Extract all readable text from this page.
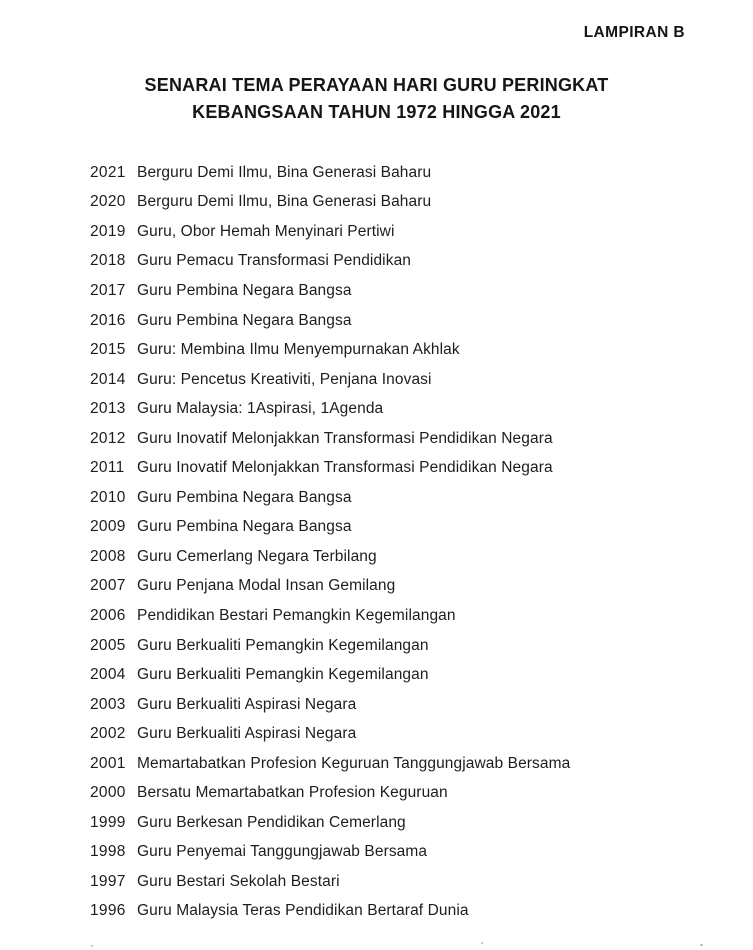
LAMPIRAN B
SENARAI TEMA PERAYAAN HARI GURU PERINGKAT
KEBANGSAAN TAHUN 1972 HINGGA 2021
2021 Berguru Demi Ilmu, Bina Generasi Baharu
2020 Berguru Demi Ilmu, Bina Generasi Baharu
2019 Guru, Obor Hemah Menyinari Pertiwi
2018 Guru Pemacu Transformasi Pendidikan
2017 Guru Pembina Negara Bangsa
2016 Guru Pembina Negara Bangsa
2015 Guru: Membina Ilmu Menyempurnakan Akhlak
2014 Guru: Pencetus Kreativiti, Penjana Inovasi
2013 Guru Malaysia: 1Aspirasi, 1Agenda
2012 Guru Inovatif Melonjakkan Transformasi Pendidikan Negara
2011 Guru Inovatif Melonjakkan Transformasi Pendidikan Negara
2010 Guru Pembina Negara Bangsa
2009 Guru Pembina Negara Bangsa
2008 Guru Cemerlang Negara Terbilang
2007 Guru Penjana Modal Insan Gemilang
2006 Pendidikan Bestari Pemangkin Kegemilangan
2005 Guru Berkualiti Pemangkin Kegemilangan
2004 Guru Berkualiti Pemangkin Kegemilangan
2003 Guru Berkualiti Aspirasi Negara
2002 Guru Berkualiti Aspirasi Negara
2001 Memartabatkan Profesion Keguruan Tanggungjawab Bersama
2000 Bersatu Memartabatkan Profesion Keguruan
1999 Guru Berkesan Pendidikan Cemerlang
1998 Guru Penyemai Tanggungjawab Bersama
1997 Guru Bestari Sekolah Bestari
1996 Guru Malaysia Teras Pendidikan Bertaraf Dunia
